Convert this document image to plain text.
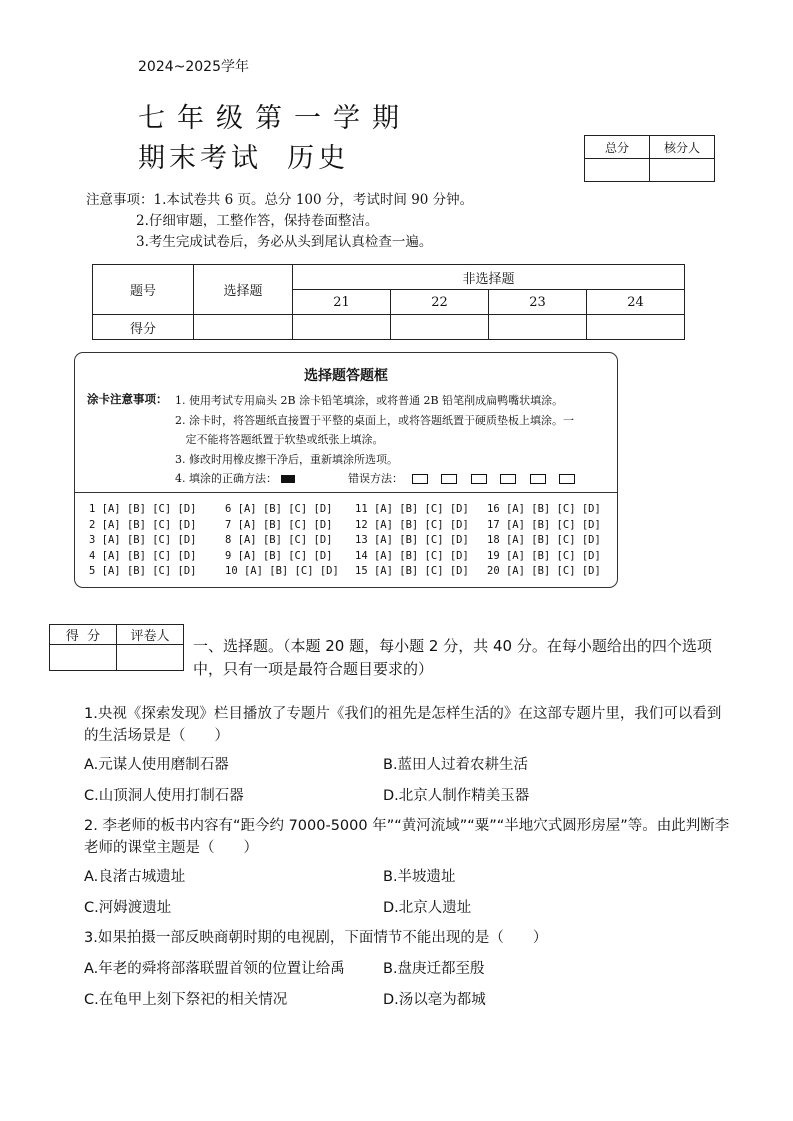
2024~2025学年
七年级第一学期
期末考试  历史	总分	核分人

注意事项：1.本试卷共 6 页。总分 100 分，考试时间 90 分钟。
2.仔细审题，工整作答，保持卷面整洁。
3.考生完成试卷后，务必从头到尾认真检查一遍。
题号	选择题	非选择题			
		21	22	23	24
得分					
选择题答题框
涂卡注意事项： 1. 使用考试专用扁头 2B 涂卡铅笔填涂，或将普通 2B 铅笔削成扁鸭嘴状填涂。
2. 涂卡时，将答题纸直接置于平整的桌面上，或将答题纸置于硬质垫板上填涂。一
定不能将答题纸置于软垫或纸张上填涂。
3. 修改时用橡皮擦干净后，重新填涂所选项。
4. 填涂的正确方法：	错误方法：
1 [A] [B] [C] [D]
2 [A] [B] [C] [D]
3 [A] [B] [C] [D]
4 [A] [B] [C] [D]
5 [A] [B] [C] [D]
6 [A] [B] [C] [D]
7 [A] [B] [C] [D]
8 [A] [B] [C] [D]
9 [A] [B] [C] [D]
10 [A] [B] [C] [D]
11 [A] [B] [C] [D]
12 [A] [B] [C] [D]
13 [A] [B] [C] [D]
14 [A] [B] [C] [D]
15 [A] [B] [C] [D]
16 [A] [B] [C] [D]
17 [A] [B] [C] [D]
18 [A] [B] [C] [D]
19 [A] [B] [C] [D]
20 [A] [B] [C] [D]
得  分	评卷人

一、选择题。（本题 20 题，每小题 2 分，共 40 分。在每小题给出的四个选项中，只有一项是最符合题目要求的）
1.央视《探索发现》栏目播放了专题片《我们的祖先是怎样生活的》在这部专题片里，我们可以看到的生活场景是（　　）
A.元谋人使用磨制石器	B.蓝田人过着农耕生活
C.山顶洞人使用打制石器	D.北京人制作精美玉器
2. 李老师的板书内容有“距今约 7000-5000 年”“黄河流域”“粟”“半地穴式圆形房屋”等。由此判断李老师的课堂主题是（　　）
A.良渚古城遗址	B.半坡遗址
C.河姆渡遗址	D.北京人遗址
3.如果拍摄一部反映商朝时期的电视剧，下面情节不能出现的是（　　）
A.年老的舜将部落联盟首领的位置让给禹	B.盘庚迁都至殷
C.在龟甲上刻下祭祀的相关情况	D.汤以亳为都城
